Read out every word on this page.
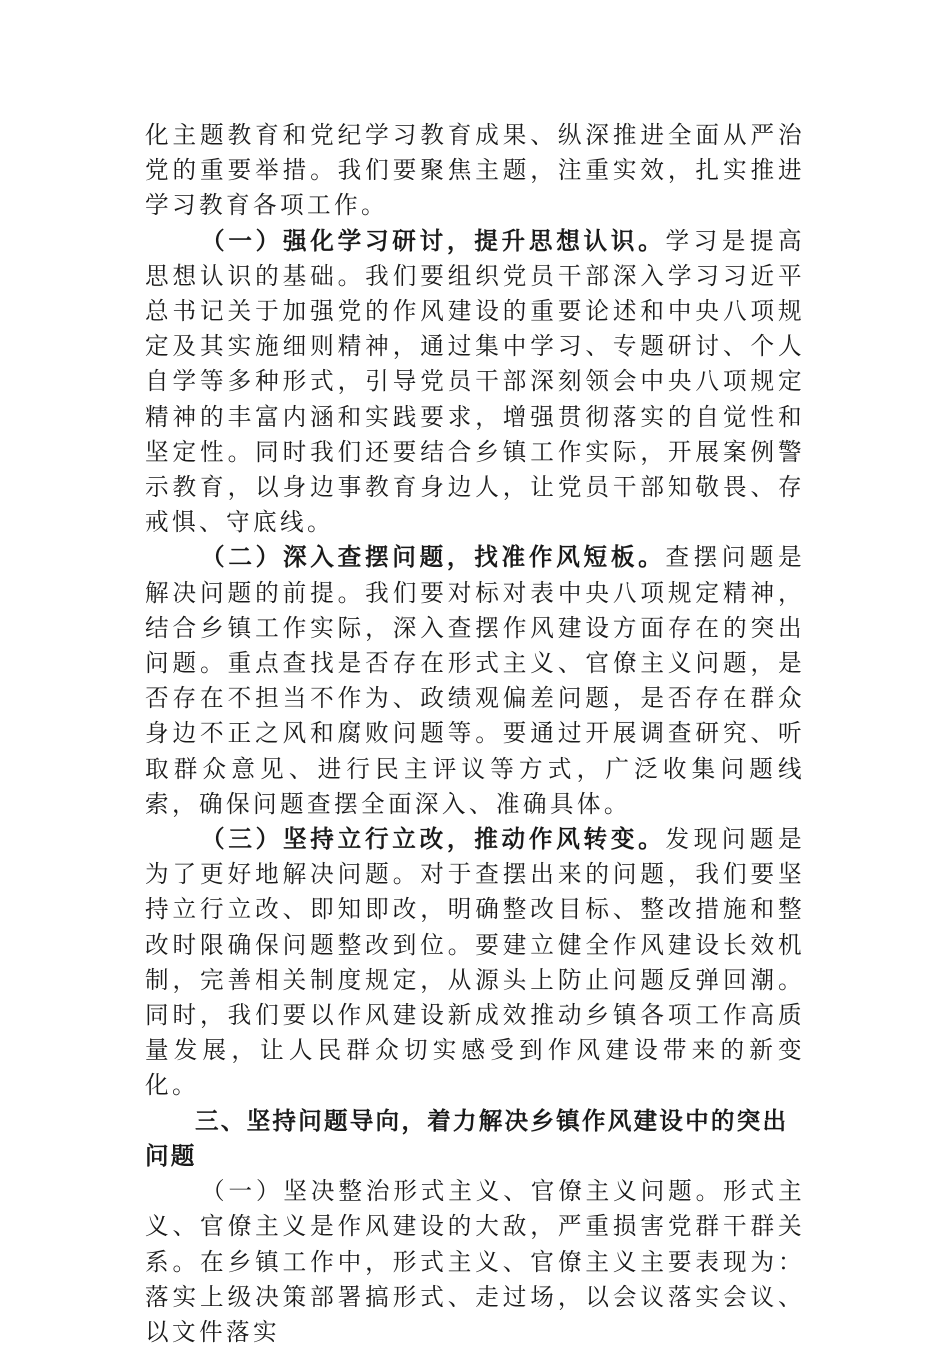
化主题教育和党纪学习教育成果、纵深推进全面从严治党的重要举措。我们要聚焦主题，注重实效，扎实推进学习教育各项工作。

（一）强化学习研讨，提升思想认识。学习是提高思想认识的基础。我们要组织党员干部深入学习习近平总书记关于加强党的作风建设的重要论述和中央八项规定及其实施细则精神，通过集中学习、专题研讨、个人自学等多种形式，引导党员干部深刻领会中央八项规定精神的丰富内涵和实践要求，增强贯彻落实的自觉性和坚定性。同时我们还要结合乡镇工作实际，开展案例警示教育，以身边事教育身边人，让党员干部知敬畏、存戒惧、守底线。

（二）深入查摆问题，找准作风短板。查摆问题是解决问题的前提。我们要对标对表中央八项规定精神，结合乡镇工作实际，深入查摆作风建设方面存在的突出问题。重点查找是否存在形式主义、官僚主义问题，是否存在不担当不作为、政绩观偏差问题，是否存在群众身边不正之风和腐败问题等。要通过开展调查研究、听取群众意见、进行民主评议等方式，广泛收集问题线索，确保问题查摆全面深入、准确具体。

（三）坚持立行立改，推动作风转变。发现问题是为了更好地解决问题。对于查摆出来的问题，我们要坚持立行立改、即知即改，明确整改目标、整改措施和整改时限确保问题整改到位。要建立健全作风建设长效机制，完善相关制度规定，从源头上防止问题反弹回潮。同时，我们要以作风建设新成效推动乡镇各项工作高质量发展，让人民群众切实感受到作风建设带来的新变化。

三、坚持问题导向，着力解决乡镇作风建设中的突出问题

（一）坚决整治形式主义、官僚主义问题。形式主义、官僚主义是作风建设的大敌，严重损害党群干群关系。在乡镇工作中，形式主义、官僚主义主要表现为：落实上级决策部署搞形式、走过场，以会议落实会议、以文件落实
